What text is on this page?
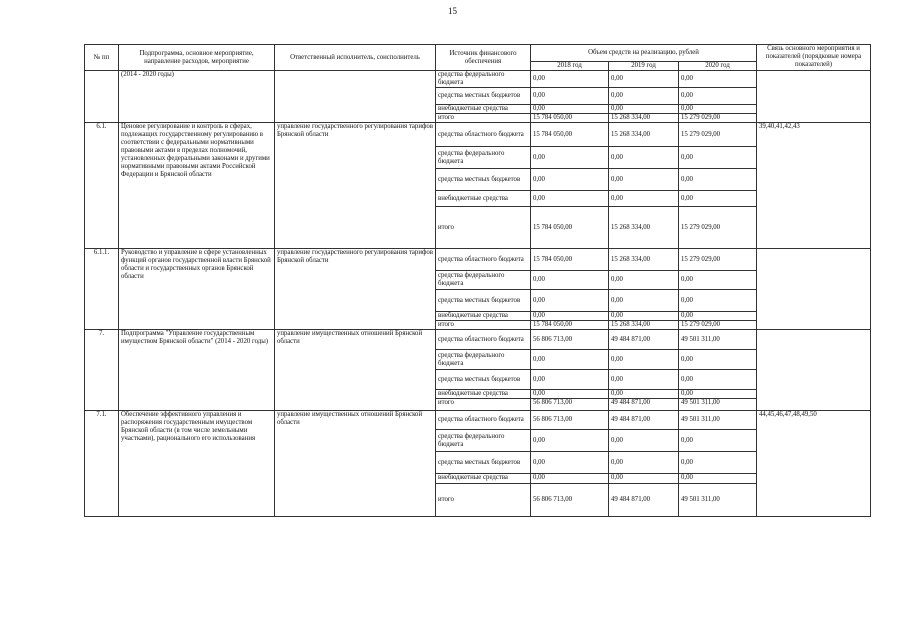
15
№ пп	Подпрограмма, основное мероприятие, направление расходов, мероприятие	Ответственный исполнитель, соисполнитель	Источник финансового обеспечения	Объем средств на реализацию, рублей			Связь основного мероприятия и показателей (порядковые номера показателей)
				2018 год	2019 год	2020 год	
	(2014 - 2020 годы)		средства федерального бюджета	0,00	0,00	0,00	
			средства местных бюджетов	0,00	0,00	0,00	
			внебюджетные средства	0,00	0,00	0,00	
			итого	15 784 050,00	15 268 334,00	15 279 029,00	
6.1.	Ценовое регулирование и контроль в сферах, подлежащих государственному регулированию в соответствии с федеральными нормативными правовыми актами в пределах полномочий, установленных федеральными законами и другими нормативными правовыми актами Российской Федерации и Брянской области	управление государственного регулирования тарифов Брянской области	средства областного бюджета	15 784 050,00	15 268 334,00	15 279 029,00	39,40,41,42,43
			средства федерального бюджета	0,00	0,00	0,00	
			средства местных бюджетов	0,00	0,00	0,00	
			внебюджетные средства	0,00	0,00	0,00	
			итого	15 784 050,00	15 268 334,00	15 279 029,00	
6.1.1.	Руководство и управление в сфере установленных функций органов государственной власти Брянской области и государственных органов Брянской области	управление государственного регулирования тарифов Брянской области	средства областного бюджета	15 784 050,00	15 268 334,00	15 279 029,00	
			средства федерального бюджета	0,00	0,00	0,00	
			средства местных бюджетов	0,00	0,00	0,00	
			внебюджетные средства	0,00	0,00	0,00	
			итого	15 784 050,00	15 268 334,00	15 279 029,00	
7.	Подпрограмма "Управление государственным имуществом Брянской области" (2014 - 2020 годы)	управление имущественных отношений Брянской области	средства областного бюджета	56 806 713,00	49 484 871,00	49 501 311,00	
			средства федерального бюджета	0,00	0,00	0,00	
			средства местных бюджетов	0,00	0,00	0,00	
			внебюджетные средства	0,00	0,00	0,00	
			итого	56 806 713,00	49 484 871,00	49 501 311,00	
7.1.	Обеспечение эффективного управления и распоряжения государственным имуществом Брянской области (в том числе земельными участками), рационального его использования	управление имущественных отношений Брянской области	средства областного бюджета	56 806 713,00	49 484 871,00	49 501 311,00	44,45,46,47,48,49,50
			средства федерального бюджета	0,00	0,00	0,00	
			средства местных бюджетов	0,00	0,00	0,00	
			внебюджетные средства	0,00	0,00	0,00	
			итого	56 806 713,00	49 484 871,00	49 501 311,00	
